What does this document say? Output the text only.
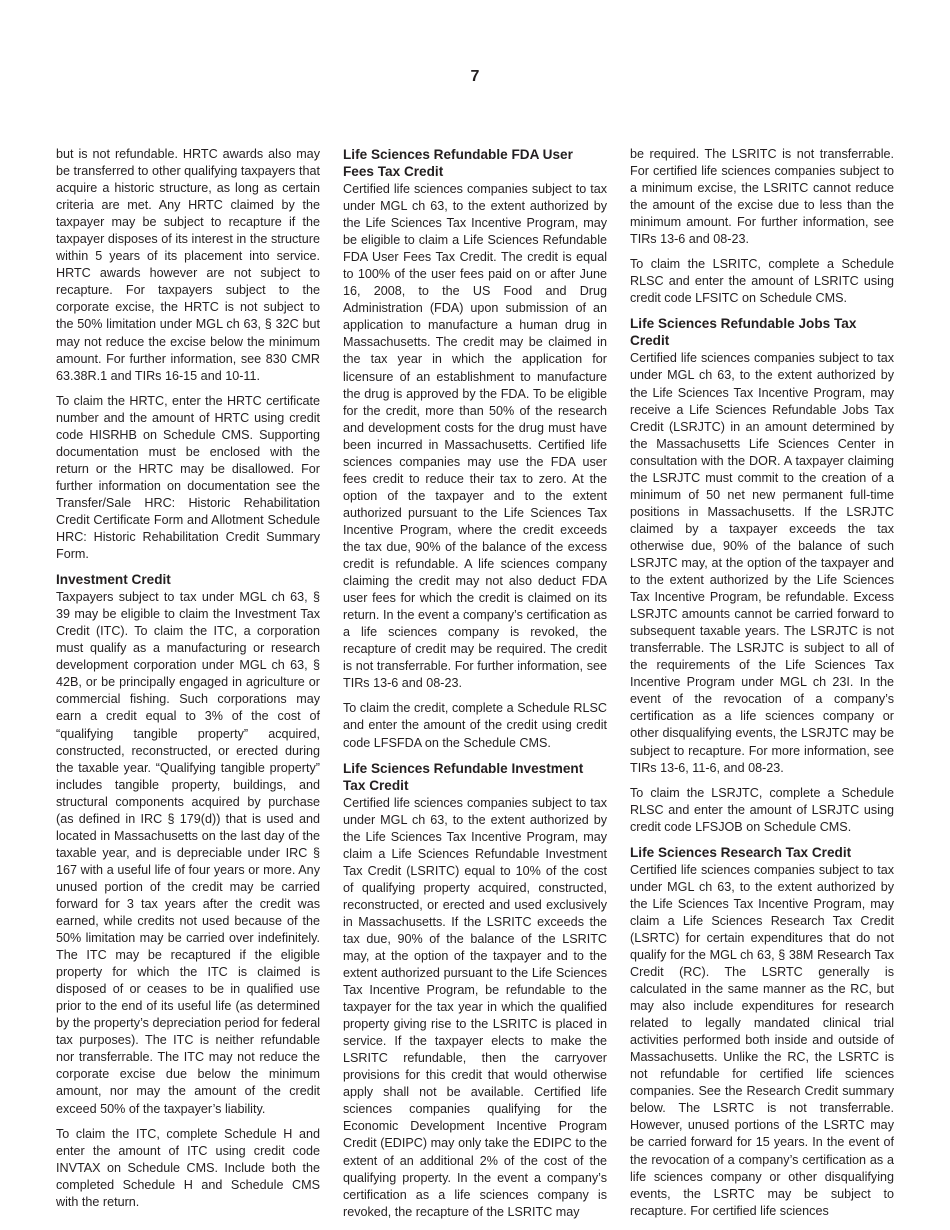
7

but is not refundable. HRTC awards also may be transferred to other qualifying taxpayers that acquire a historic structure, as long as certain criteria are met. Any HRTC claimed by the taxpayer may be subject to recapture if the taxpayer disposes of its interest in the structure within 5 years of its placement into service. HRTC awards however are not subject to recapture. For taxpayers subject to the corporate excise, the HRTC is not subject to the 50% limitation under MGL ch 63, § 32C but may not reduce the excise below the minimum amount. For further information, see 830 CMR 63.38R.1 and TIRs 16-15 and 10-11.

To claim the HRTC, enter the HRTC certificate number and the amount of HRTC using credit code HISRHB on Schedule CMS. Supporting documentation must be enclosed with the return or the HRTC may be disallowed. For further information on documentation see the Transfer/Sale HRC: Historic Rehabilitation Credit Certificate Form and Allotment Schedule HRC: Historic Rehabilitation Credit Summary Form.

Investment Credit

Taxpayers subject to tax under MGL ch 63, § 39 may be eligible to claim the Investment Tax Credit (ITC). To claim the ITC, a corporation must qualify as a manufacturing or research development corporation under MGL ch 63, § 42B, or be principally engaged in agriculture or commercial fishing. Such corporations may earn a credit equal to 3% of the cost of “qualifying tangible property” acquired, constructed, reconstructed, or erected during the taxable year. “Qualifying tangible property” includes tangible property, buildings, and structural components acquired by purchase (as defined in IRC § 179(d)) that is used and located in Massachusetts on the last day of the taxable year, and is depreciable under IRC § 167 with a useful life of four years or more. Any unused portion of the credit may be carried forward for 3 tax years after the credit was earned, while credits not used because of the 50% limitation may be carried over indefinitely. The ITC may be recaptured if the eligible property for which the ITC is claimed is disposed of or ceases to be in qualified use prior to the end of its useful life (as determined by the property’s depreciation period for federal tax purposes). The ITC is neither refundable nor transferrable. The ITC may not reduce the corporate excise due below the minimum amount, nor may the amount of the credit exceed 50% of the taxpayer’s liability.

To claim the ITC, complete Schedule H and enter the amount of ITC using credit code INVTAX on Schedule CMS. Include both the completed Schedule H and Schedule CMS with the return.

Life Sciences Refundable FDA User Fees Tax Credit

Certified life sciences companies subject to tax under MGL ch 63, to the extent authorized by the Life Sciences Tax Incentive Program, may be eligible to claim a Life Sciences Refundable FDA User Fees Tax Credit. The credit is equal to 100% of the user fees paid on or after June 16, 2008, to the US Food and Drug Administration (FDA) upon submission of an application to manufacture a human drug in Massachusetts. The credit may be claimed in the tax year in which the application for licensure of an establishment to manufacture the drug is approved by the FDA. To be eligible for the credit, more than 50% of the research and development costs for the drug must have been incurred in Massachusetts. Certified life sciences companies may use the FDA user fees credit to reduce their tax to zero. At the option of the taxpayer and to the extent authorized pursuant to the Life Sciences Tax Incentive Program, where the credit exceeds the tax due, 90% of the balance of the excess credit is refundable. A life sciences company claiming the credit may not also deduct FDA user fees for which the credit is claimed on its return. In the event a company’s certification as a life sciences company is revoked, the recapture of credit may be required. The credit is not transferrable. For further information, see TIRs 13-6 and 08-23.

To claim the credit, complete a Schedule RLSC and enter the amount of the credit using credit code LFSFDA on the Schedule CMS.

Life Sciences Refundable Investment Tax Credit

Certified life sciences companies subject to tax under MGL ch 63, to the extent authorized by the Life Sciences Tax Incentive Program, may claim a Life Sciences Refundable Investment Tax Credit (LSRITC) equal to 10% of the cost of qualifying property acquired, constructed, reconstructed, or erected and used exclusively in Massachusetts. If the LSRITC exceeds the tax due, 90% of the balance of the LSRITC may, at the option of the taxpayer and to the extent authorized pursuant to the Life Sciences Tax Incentive Program, be refundable to the taxpayer for the tax year in which the qualified property giving rise to the LSRITC is placed in service. If the taxpayer elects to make the LSRITC refundable, then the carryover provisions for this credit that would otherwise apply shall not be available. Certified life sciences companies qualifying for the Economic Development Incentive Program Credit (EDIPC) may only take the EDIPC to the extent of an additional 2% of the cost of the qualifying property. In the event a company’s certification as a life sciences company is revoked, the recapture of the LSRITC may

be required. The LSRITC is not transferrable. For certified life sciences companies subject to a minimum excise, the LSRITC cannot reduce the amount of the excise due to less than the minimum amount. For further information, see TIRs 13-6 and 08-23.

To claim the LSRITC, complete a Schedule RLSC and enter the amount of LSRITC using credit code LFSITC on Schedule CMS.

Life Sciences Refundable Jobs Tax Credit

Certified life sciences companies subject to tax under MGL ch 63, to the extent authorized by the Life Sciences Tax Incentive Program, may receive a Life Sciences Refundable Jobs Tax Credit (LSRJTC) in an amount determined by the Massachusetts Life Sciences Center in consultation with the DOR. A taxpayer claiming the LSRJTC must commit to the creation of a minimum of 50 net new permanent full-time positions in Massachusetts. If the LSRJTC claimed by a taxpayer exceeds the tax otherwise due, 90% of the balance of such LSRJTC may, at the option of the taxpayer and to the extent authorized by the Life Sciences Tax Incentive Program, be refundable. Excess LSRJTC amounts cannot be carried forward to subsequent taxable years. The LSRJTC is not transferrable. The LSRJTC is subject to all of the requirements of the Life Sciences Tax Incentive Program under MGL ch 23I. In the event of the revocation of a company’s certification as a life sciences company or other disqualifying events, the LSRJTC may be subject to recapture. For more information, see TIRs 13-6, 11-6, and 08-23.

To claim the LSRJTC, complete a Schedule RLSC and enter the amount of LSRJTC using credit code LFSJOB on Schedule CMS.

Life Sciences Research Tax Credit

Certified life sciences companies subject to tax under MGL ch 63, to the extent authorized by the Life Sciences Tax Incentive Program, may claim a Life Sciences Research Tax Credit (LSRTC) for certain expenditures that do not qualify for the MGL ch 63, § 38M Research Tax Credit (RC). The LSRTC generally is calculated in the same manner as the RC, but may also include expenditures for research related to legally mandated clinical trial activities performed both inside and outside of Massachusetts. Unlike the RC, the LSRTC is not refundable for certified life sciences companies. See the Research Credit summary below. The LSRTC is not transferrable. However, unused portions of the LSRTC may be carried forward for 15 years. In the event of the revocation of a company’s certification as a life sciences company or other disqualifying events, the LSRTC may be subject to recapture. For certified life sciences
